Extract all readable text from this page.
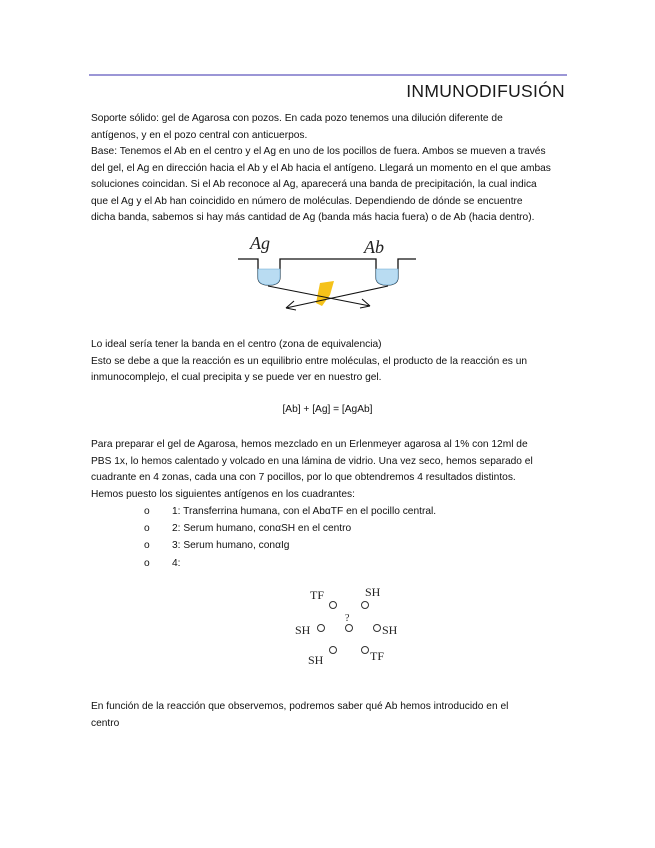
INMUNODIFUSIÓN
Soporte sólido: gel de Agarosa con pozos. En cada pozo tenemos una dilución diferente de
antígenos, y en el pozo central con anticuerpos.
Base: Tenemos el Ab en el centro y el Ag en uno de los pocillos de fuera. Ambos se mueven a través
del gel, el Ag en dirección hacia el Ab y el Ab hacia el antígeno. Llegará un momento en el que ambas
soluciones coincidan. Si el Ab reconoce al Ag, aparecerá una banda de precipitación, la cual indica
que el Ag y el Ab han coincidido en número de moléculas. Dependiendo de dónde se encuentre
dicha banda, sabemos si hay más cantidad de Ag (banda más hacia fuera) o de Ab (hacia dentro).
Ag	Ab
Lo ideal sería tener la banda en el centro (zona de equivalencia)
Esto se debe a que la reacción es un equilibrio entre moléculas, el producto de la reacción es un
inmunocomplejo, el cual precipita y se puede ver en nuestro gel.
[Ab] + [Ag] = [AgAb]
Para preparar el gel de Agarosa, hemos mezclado en un Erlenmeyer agarosa al 1% con 12ml de
PBS 1x, lo hemos calentado y volcado en una lámina de vidrio. Una vez seco, hemos separado el
cuadrante en 4 zonas, cada una con 7 pocillos, por lo que obtendremos 4 resultados distintos.
Hemos puesto los siguientes antígenos en los cuadrantes:
o 1: Transferrina humana, con el AbαTF en el pocillo central.
o 2: Serum humano, conαSH en el centro
o 3: Serum humano, conαIg
o 4:
TF	SH
SH
?
SH
SH	TF
En función de la reacción que observemos, podremos saber qué Ab hemos introducido en el
centro
